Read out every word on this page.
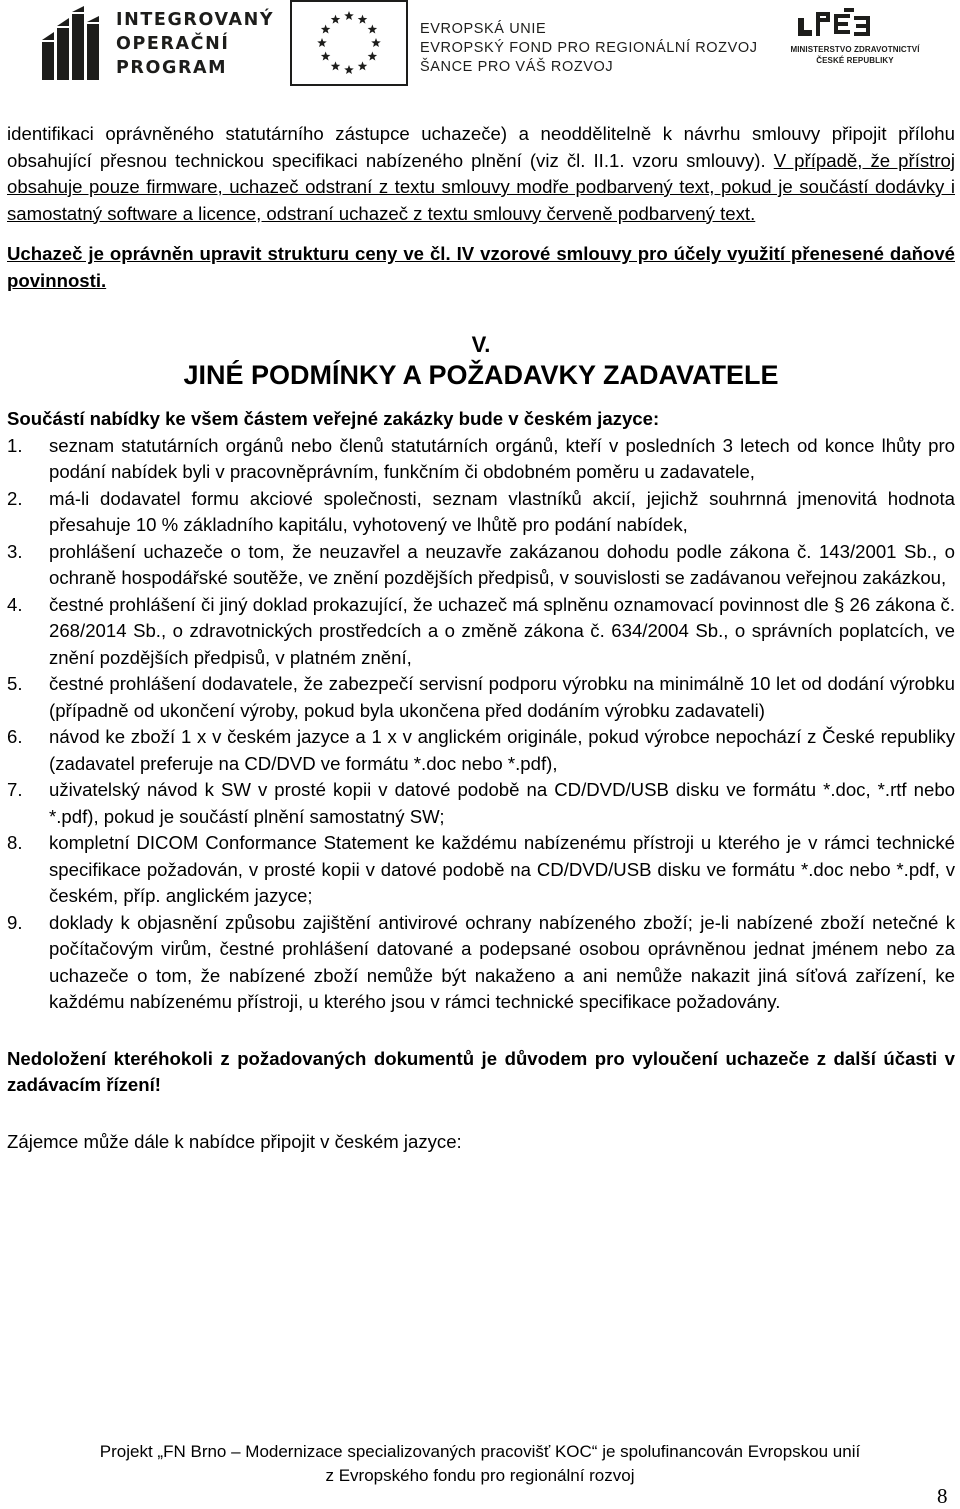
INTEGROVANÝ
OPERAČNÍ
PROGRAM
EVROPSKÁ UNIE
EVROPSKÝ FOND PRO REGIONÁLNÍ ROZVOJ
ŠANCE PRO VÁŠ ROZVOJ
MINISTERSTVO ZDRAVOTNICTVÍ
ČESKÉ REPUBLIKY

identifikaci oprávněného statutárního zástupce uchazeče) a neoddělitelně k návrhu smlouvy připojit přílohu obsahující přesnou technickou specifikaci nabízeného plnění (viz čl. II.1. vzoru smlouvy). V případě, že přístroj obsahuje pouze firmware, uchazeč odstraní z textu smlouvy modře podbarvený text, pokud je součástí dodávky i samostatný software a licence, odstraní uchazeč z textu smlouvy červeně podbarvený text.

Uchazeč je oprávněn upravit strukturu ceny ve čl. IV vzorové smlouvy pro účely využití přenesené daňové povinnosti.

V.
JINÉ PODMÍNKY A POŽADAVKY ZADAVATELE

Součástí nabídky ke všem částem veřejné zakázky bude v českém jazyce:

1. seznam statutárních orgánů nebo členů statutárních orgánů, kteří v posledních 3 letech od konce lhůty pro podání nabídek byli v pracovněprávním, funkčním či obdobném poměru u zadavatele,
2. má-li dodavatel formu akciové společnosti, seznam vlastníků akcií, jejichž souhrnná jmenovitá hodnota přesahuje 10 % základního kapitálu, vyhotovený ve lhůtě pro podání nabídek,
3. prohlášení uchazeče o tom, že neuzavřel a neuzavře zakázanou dohodu podle zákona č. 143/2001 Sb., o ochraně hospodářské soutěže, ve znění pozdějších předpisů, v souvislosti se zadávanou veřejnou zakázkou,
4. čestné prohlášení či jiný doklad prokazující, že uchazeč má splněnu oznamovací povinnost dle § 26 zákona č. 268/2014 Sb., o zdravotnických prostředcích a o změně zákona č. 634/2004 Sb., o správních poplatcích, ve znění pozdějších předpisů, v platném znění,
5. čestné prohlášení dodavatele, že zabezpečí servisní podporu výrobku na minimálně 10 let od dodání výrobku (případně od ukončení výroby, pokud byla ukončena před dodáním výrobku zadavateli)
6. návod ke zboží 1 x v českém jazyce a 1 x v anglickém originále, pokud výrobce nepochází z České republiky (zadavatel preferuje na CD/DVD ve formátu *.doc nebo *.pdf),
7. uživatelský návod k SW v prosté kopii v datové podobě na CD/DVD/USB disku ve formátu *.doc, *.rtf nebo *.pdf), pokud je součástí plnění samostatný SW;
8. kompletní DICOM Conformance Statement ke každému nabízenému přístroji u kterého je v rámci technické specifikace požadován, v prosté kopii v datové podobě na CD/DVD/USB disku ve formátu *.doc nebo *.pdf, v českém, příp. anglickém jazyce;
9. doklady k objasnění způsobu zajištění antivirové ochrany nabízeného zboží; je-li nabízené zboží netečné k počítačovým virům, čestné prohlášení datované a podepsané osobou oprávněnou jednat jménem nebo za uchazeče o tom, že nabízené zboží nemůže být nakaženo a ani nemůže nakazit jiná síťová zařízení, ke každému nabízenému přístroji, u kterého jsou v rámci technické specifikace požadovány.

Nedoložení kteréhokoli z požadovaných dokumentů je důvodem pro vyloučení uchazeče z další účasti v zadávacím řízení!

Zájemce může dále k nabídce připojit v českém jazyce:

Projekt „FN Brno – Modernizace specializovaných pracovišť KOC“ je spolufinancován Evropskou unií
z Evropského fondu pro regionální rozvoj
8
